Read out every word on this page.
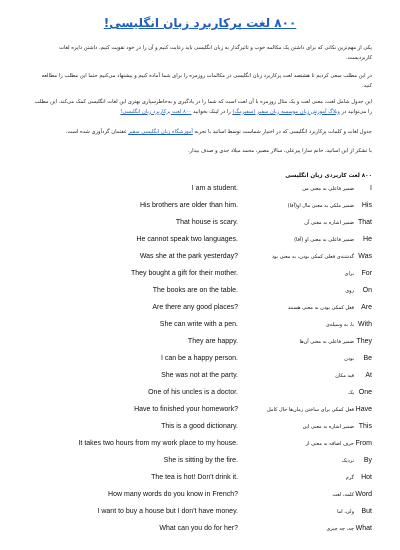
۸۰۰ لغت پرکاربرد زبان انگلیسی!
یکی از مهم‌ترین نکاتی که برای داشتن یک مکالمه خوب و تاثیرگذار به زبان انگلیسی باید رعایت کنیم و آن را در خود تقویت کنیم، داشتن دایره لغات کاربردیست.
در این مطلب سعی کردیم تا هشتصد لغت پرکاربرد زبان انگلیسی در مکالمات روزمره را برای شما آماده کنیم و پیشنهاد می‌کنیم حتما این مطلب را مطالعه کنید.
این جدول شامل لغت، معنی لغت و یک مثال روزمره با آن لغت است که شما را در یادگیری و به‌خاطرسپاری بهتری این لغات انگلیسی کمک می‌کند. این مطلب را می‌توانید در وبلاگ آموزش زبان موسسه زبان سفیر (سفیرمگ) را در لینک بخوانید ۸۰۰ لغت پرکاربرد زبان انگلیسی!
جدول لغات و کلمات پرکاربرد انگلیسی که در اختیار شماست توسط اساتید با تجربه آموزشگاه زبان انگلیسی سفیر غفتمان گردآوری شده است.
با تشکر از این اساتید، خانم سارا پیرعلی، سالار مصیر، محمد میلاد جدی و صدف بیدار.
۸۰۰ لغت کاربردی زبان انگلیسی
I am a student.	ضمیر فاعلی به معنی من	I
His brothers are older than him.	ضمیر ملکی به معنی مال او(آقا)	His
That house is scary.	ضمیر اشاره به معنی آن That
He cannot speak two languages.	ضمیر فاعلی به معنی او (آقا)	He
Was she at the park yesterday?	گذشته‌ی فعلی کمکی بودن، به معنی بود Was
They bought a gift for their mother.	برای	For
The books are on the table.	روی	On
Are there any good places?	فعل کمکی بودن به معنی هستند	Are
She can write with a pen.	با، به وسیله‌ی With
They are happy.	ضمیر فاعلی به معنی آن‌ها They
I can be a happy person.	بودن	Be
She was not at the party.	قید مکان	At
One of his uncles is a doctor.	یک One
Have to finished your homework?	فعل کمکی برای ساختن زمان‌ها حال کامل Have
This is a good dictionary.	ضمیر اشاره به معنی این This
It takes two hours from my work place to my house.	حرف اضافه به معنی از From
She is sitting by the fire.	نزدیک	By
The tea is hot! Don't drink it.	گرم	Hot
How many words do you know in French?	کلمه، لغت Word
I want to buy a house but I don't have money.	ولی، اما	But
What can you do for her?	چه، چه چیزی What
